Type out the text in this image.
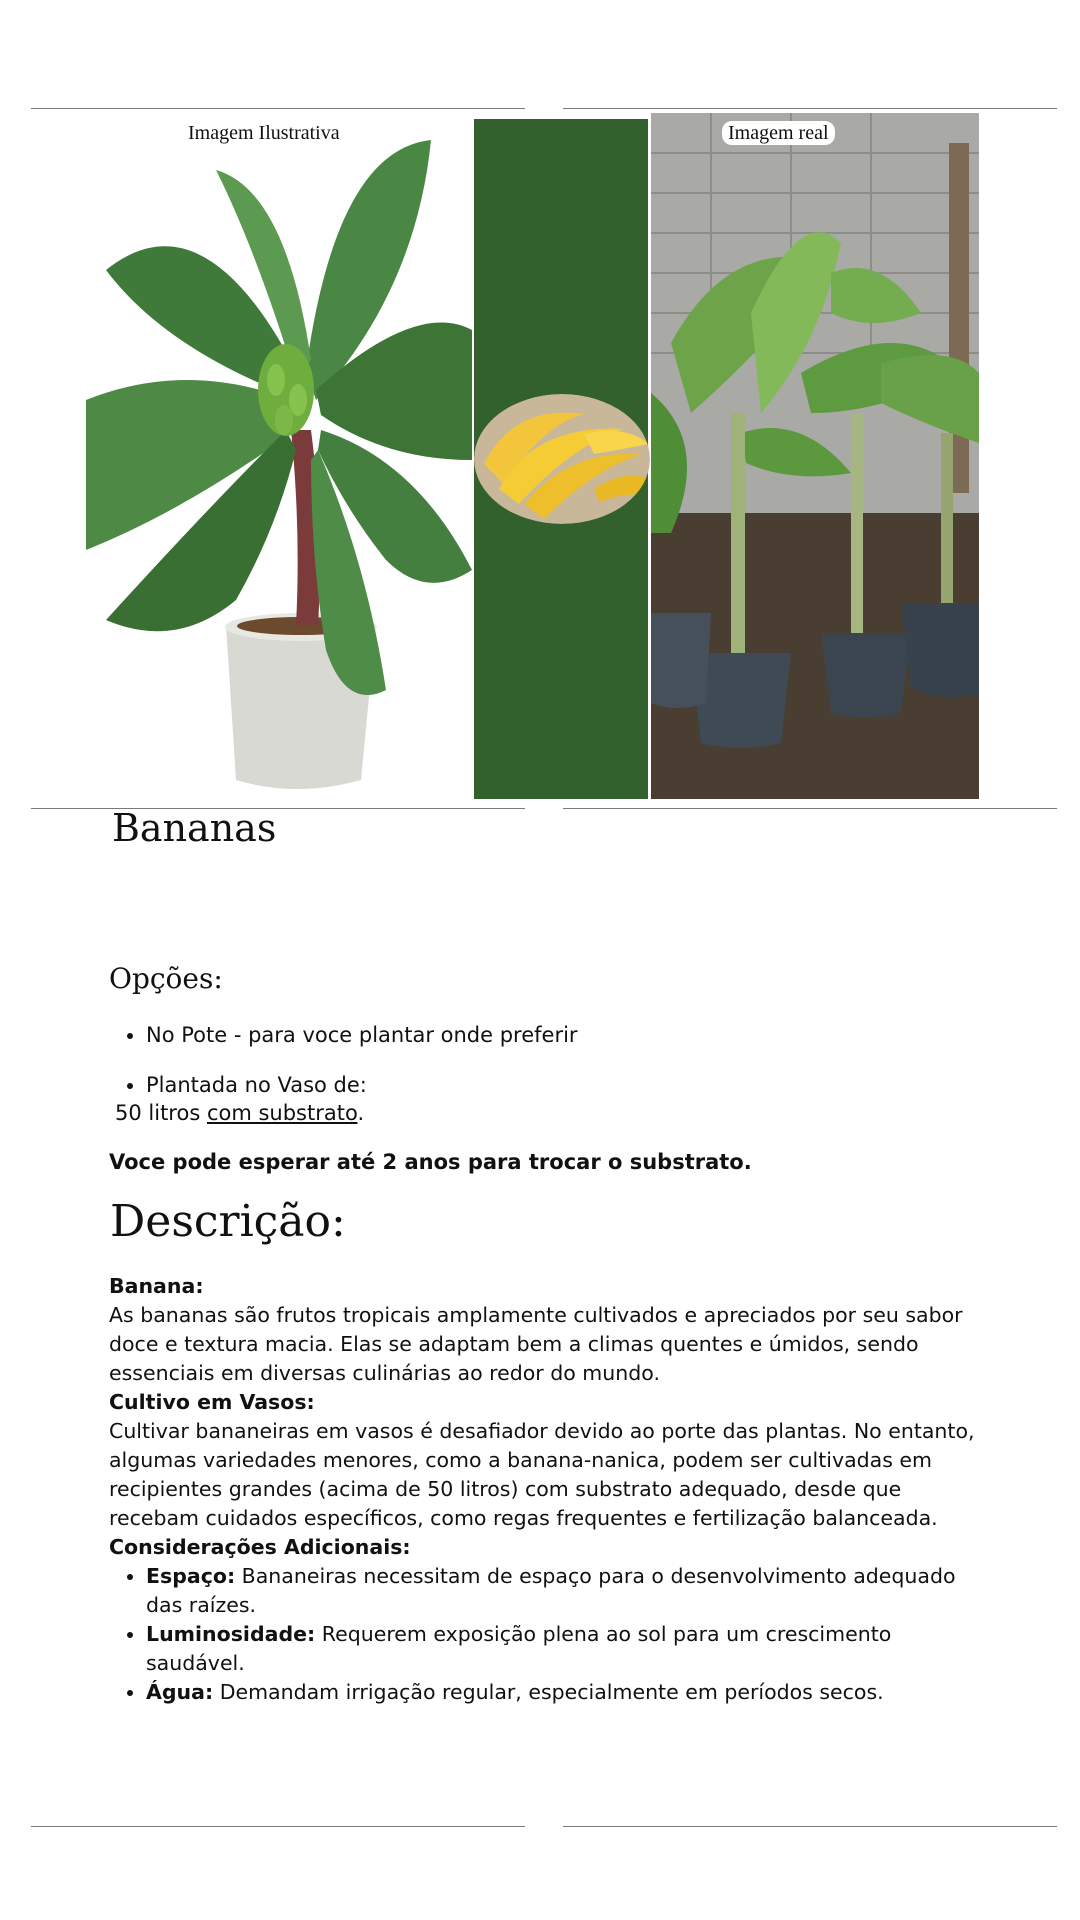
Imagem Ilustrativa	Imagem real
Bananas
Opções:
• No Pote - para voce plantar onde preferir
• Plantada no Vaso de:
50 litros com substrato.
Voce pode esperar até 2 anos para trocar o substrato.
Descrição:

Banana:

As bananas são frutos tropicais amplamente cultivados e apreciados por seu sabor doce e textura macia. Elas se adaptam bem a climas quentes e úmidos, sendo essenciais em diversas culinárias ao redor do mundo.

Cultivo em Vasos:

Cultivar bananeiras em vasos é desafiador devido ao porte das plantas. No entanto, algumas variedades menores, como a banana-nanica, podem ser cultivadas em recipientes grandes (acima de 50 litros) com substrato adequado, desde que recebam cuidados específicos, como regas frequentes e fertilização balanceada.

Considerações Adicionais:

• Espaço: Bananeiras necessitam de espaço para o desenvolvimento adequado das raízes.
• Luminosidade: Requerem exposição plena ao sol para um crescimento saudável.
• Água: Demandam irrigação regular, especialmente em períodos secos.
